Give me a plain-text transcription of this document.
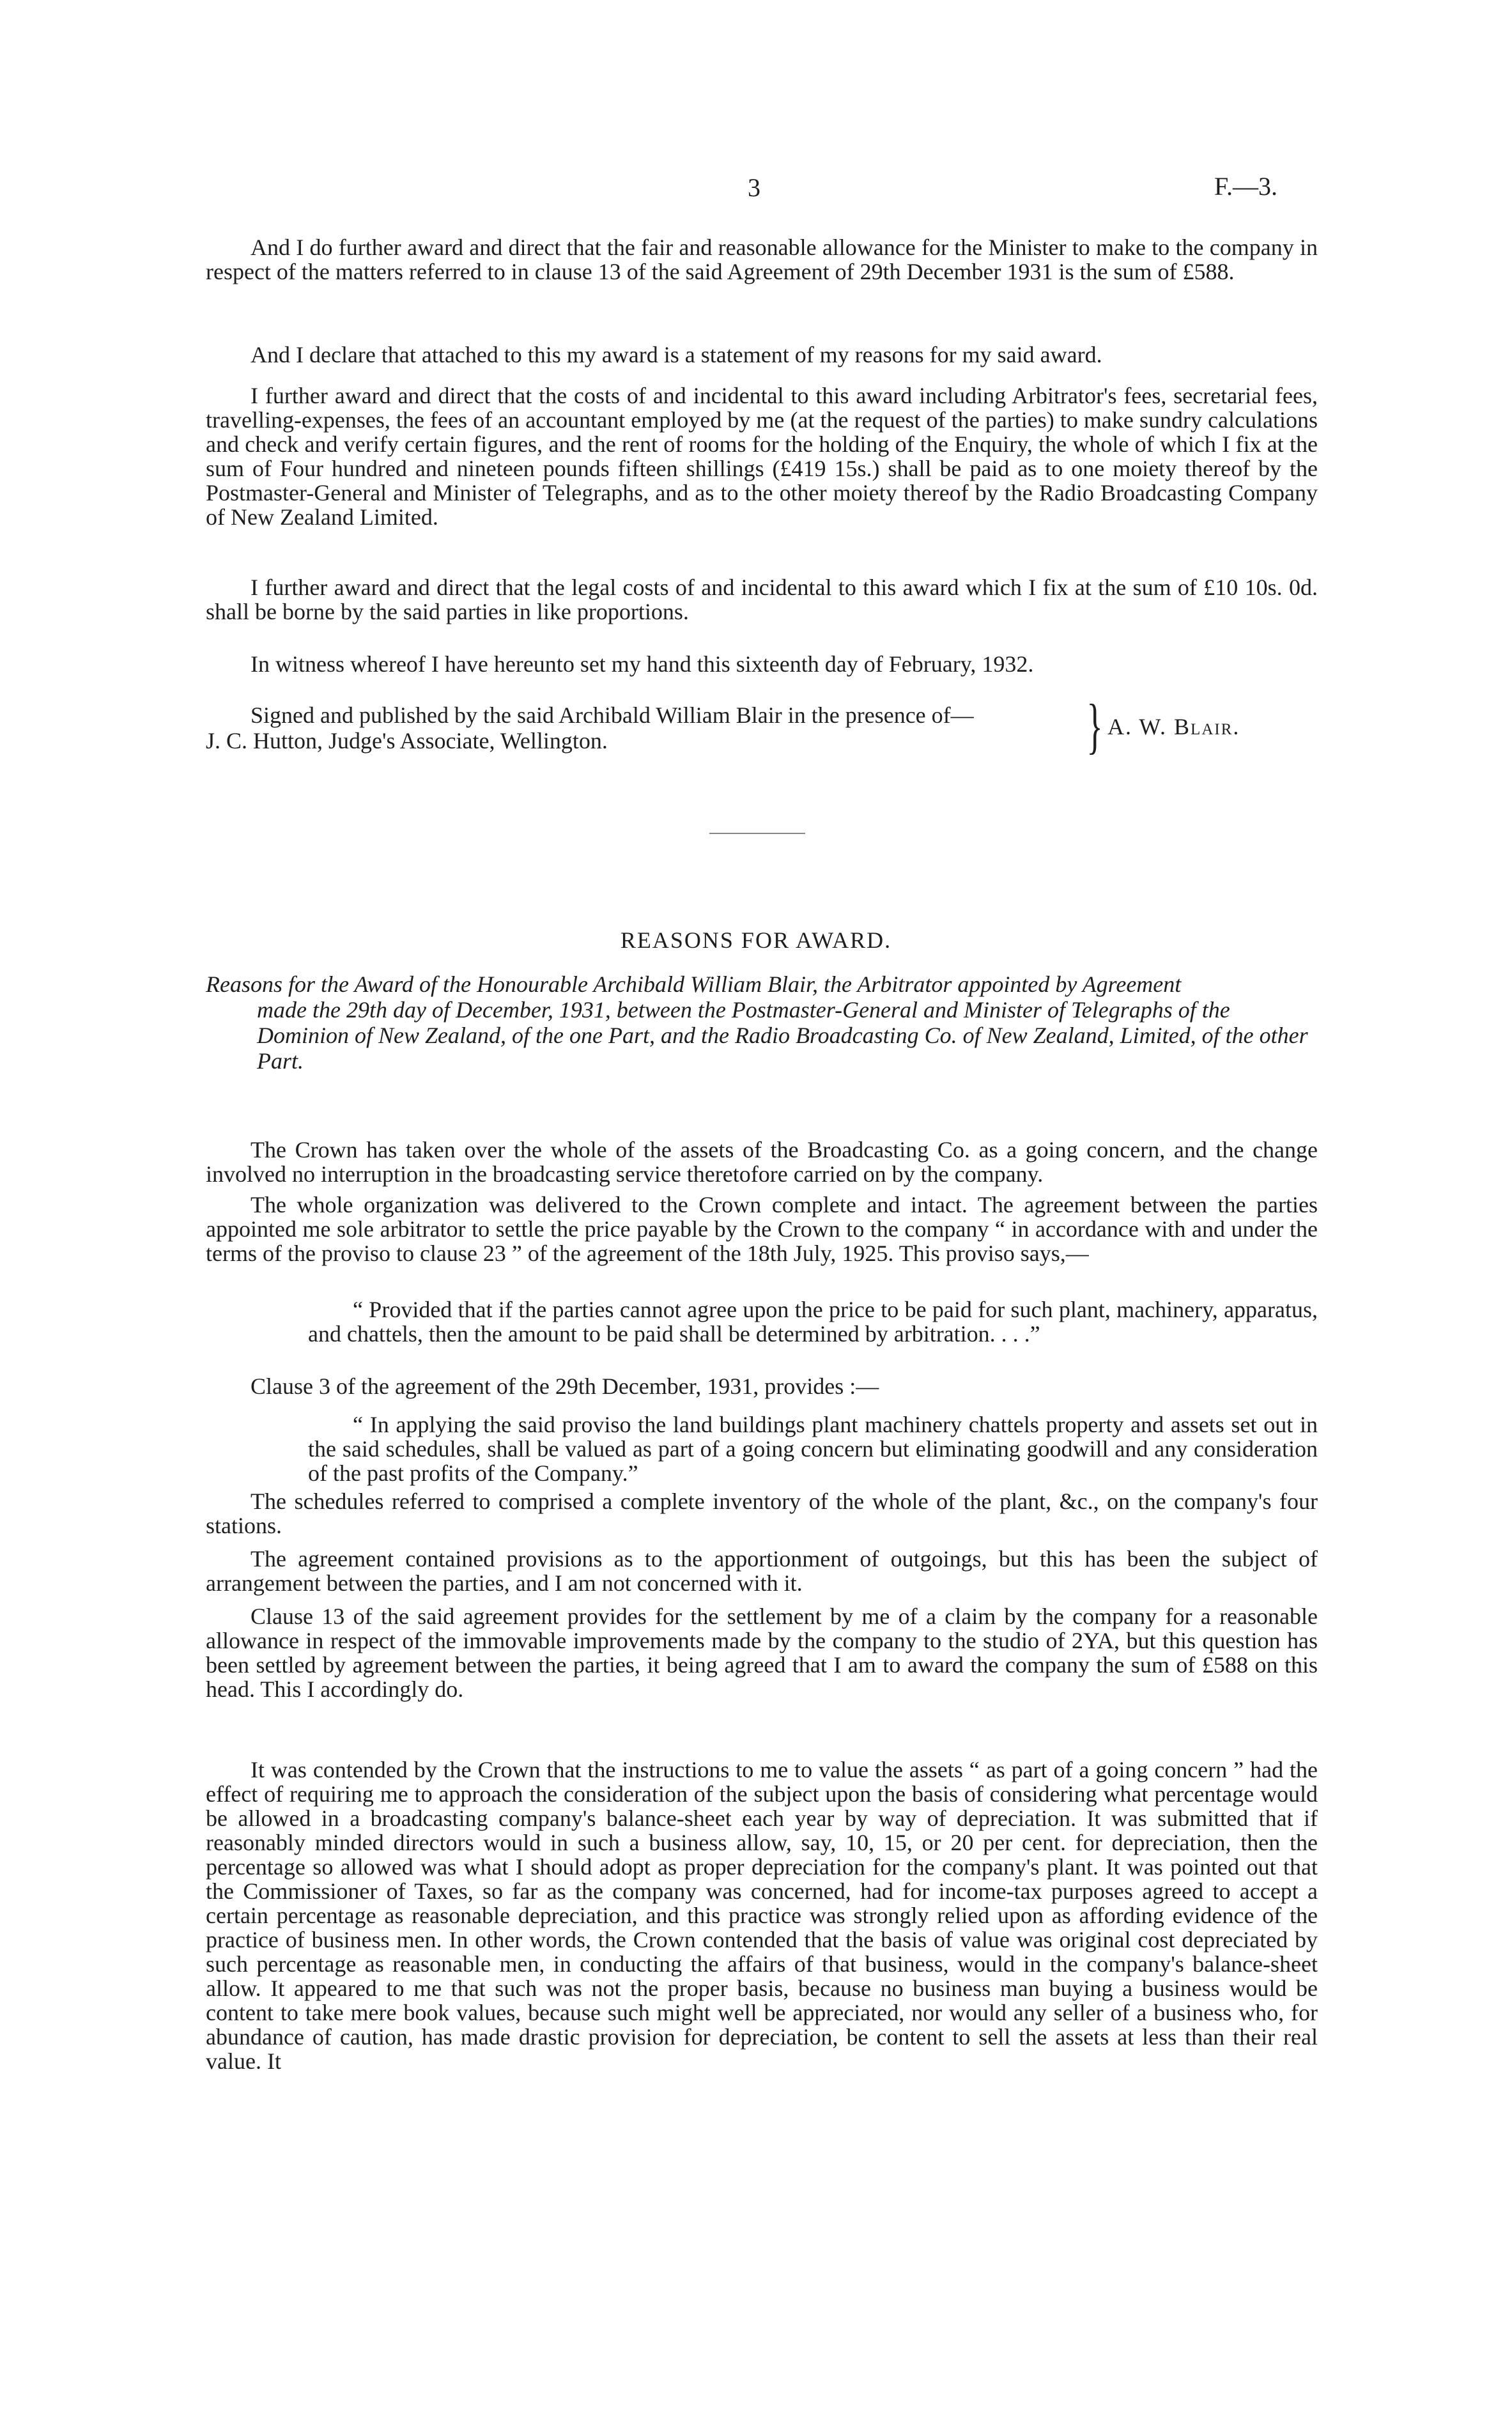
3	F.—3.

And I do further award and direct that the fair and reasonable allowance for the Minister to make to the company in respect of the matters referred to in clause 13 of the said Agreement of 29th December 1931 is the sum of £588.

And I declare that attached to this my award is a statement of my reasons for my said award.

I further award and direct that the costs of and incidental to this award including Arbitrator's fees, secretarial fees, travelling-expenses, the fees of an accountant employed by me (at the request of the parties) to make sundry calculations and check and verify certain figures, and the rent of rooms for the holding of the Enquiry, the whole of which I fix at the sum of Four hundred and nineteen pounds fifteen shillings (£419 15s.) shall be paid as to one moiety thereof by the Postmaster-General and Minister of Telegraphs, and as to the other moiety thereof by the Radio Broadcasting Company of New Zealand Limited.

I further award and direct that the legal costs of and incidental to this award which I fix at the sum of £10 10s. 0d. shall be borne by the said parties in like proportions.

In witness whereof I have hereunto set my hand this sixteenth day of February, 1932.

Signed and published by the said Archibald William Blair in the presence of—
J. C. Hutton, Judge's Associate, Wellington.	} A. W. Blair.
REASONS FOR AWARD.
Reasons for the Award of the Honourable Archibald William Blair, the Arbitrator appointed by Agreement
made the 29th day of December, 1931, between the Postmaster-General and Minister of Telegraphs of the Dominion of New Zealand, of the one Part, and the Radio Broadcasting Co. of New Zealand, Limited, of the other Part.

The Crown has taken over the whole of the assets of the Broadcasting Co. as a going concern, and the change involved no interruption in the broadcasting service theretofore carried on by the company.

The whole organization was delivered to the Crown complete and intact. The agreement between the parties appointed me sole arbitrator to settle the price payable by the Crown to the company “ in accordance with and under the terms of the proviso to clause 23 ” of the agreement of the 18th July, 1925. This proviso says,—

“ Provided that if the parties cannot agree upon the price to be paid for such plant, machinery, apparatus, and chattels, then the amount to be paid shall be determined by arbitration. . . .”

Clause 3 of the agreement of the 29th December, 1931, provides :—

“ In applying the said proviso the land buildings plant machinery chattels property and assets set out in the said schedules, shall be valued as part of a going concern but eliminating goodwill and any consideration of the past profits of the Company.”

The schedules referred to comprised a complete inventory of the whole of the plant, &c., on the company's four stations.

The agreement contained provisions as to the apportionment of outgoings, but this has been the subject of arrangement between the parties, and I am not concerned with it.

Clause 13 of the said agreement provides for the settlement by me of a claim by the company for a reasonable allowance in respect of the immovable improvements made by the company to the studio of 2YA, but this question has been settled by agreement between the parties, it being agreed that I am to award the company the sum of £588 on this head. This I accordingly do.

It was contended by the Crown that the instructions to me to value the assets “ as part of a going concern ” had the effect of requiring me to approach the consideration of the subject upon the basis of considering what percentage would be allowed in a broadcasting company's balance-sheet each year by way of depreciation. It was submitted that if reasonably minded directors would in such a business allow, say, 10, 15, or 20 per cent. for depreciation, then the percentage so allowed was what I should adopt as proper depreciation for the company's plant. It was pointed out that the Commissioner of Taxes, so far as the company was concerned, had for income-tax purposes agreed to accept a certain percentage as reasonable depreciation, and this practice was strongly relied upon as affording evidence of the practice of business men. In other words, the Crown contended that the basis of value was original cost depreciated by such percentage as reasonable men, in conducting the affairs of that business, would in the company's balance-sheet allow. It appeared to me that such was not the proper basis, because no business man buying a business would be content to take mere book values, because such might well be appreciated, nor would any seller of a business who, for abundance of caution, has made drastic provision for depreciation, be content to sell the assets at less than their real value. It
